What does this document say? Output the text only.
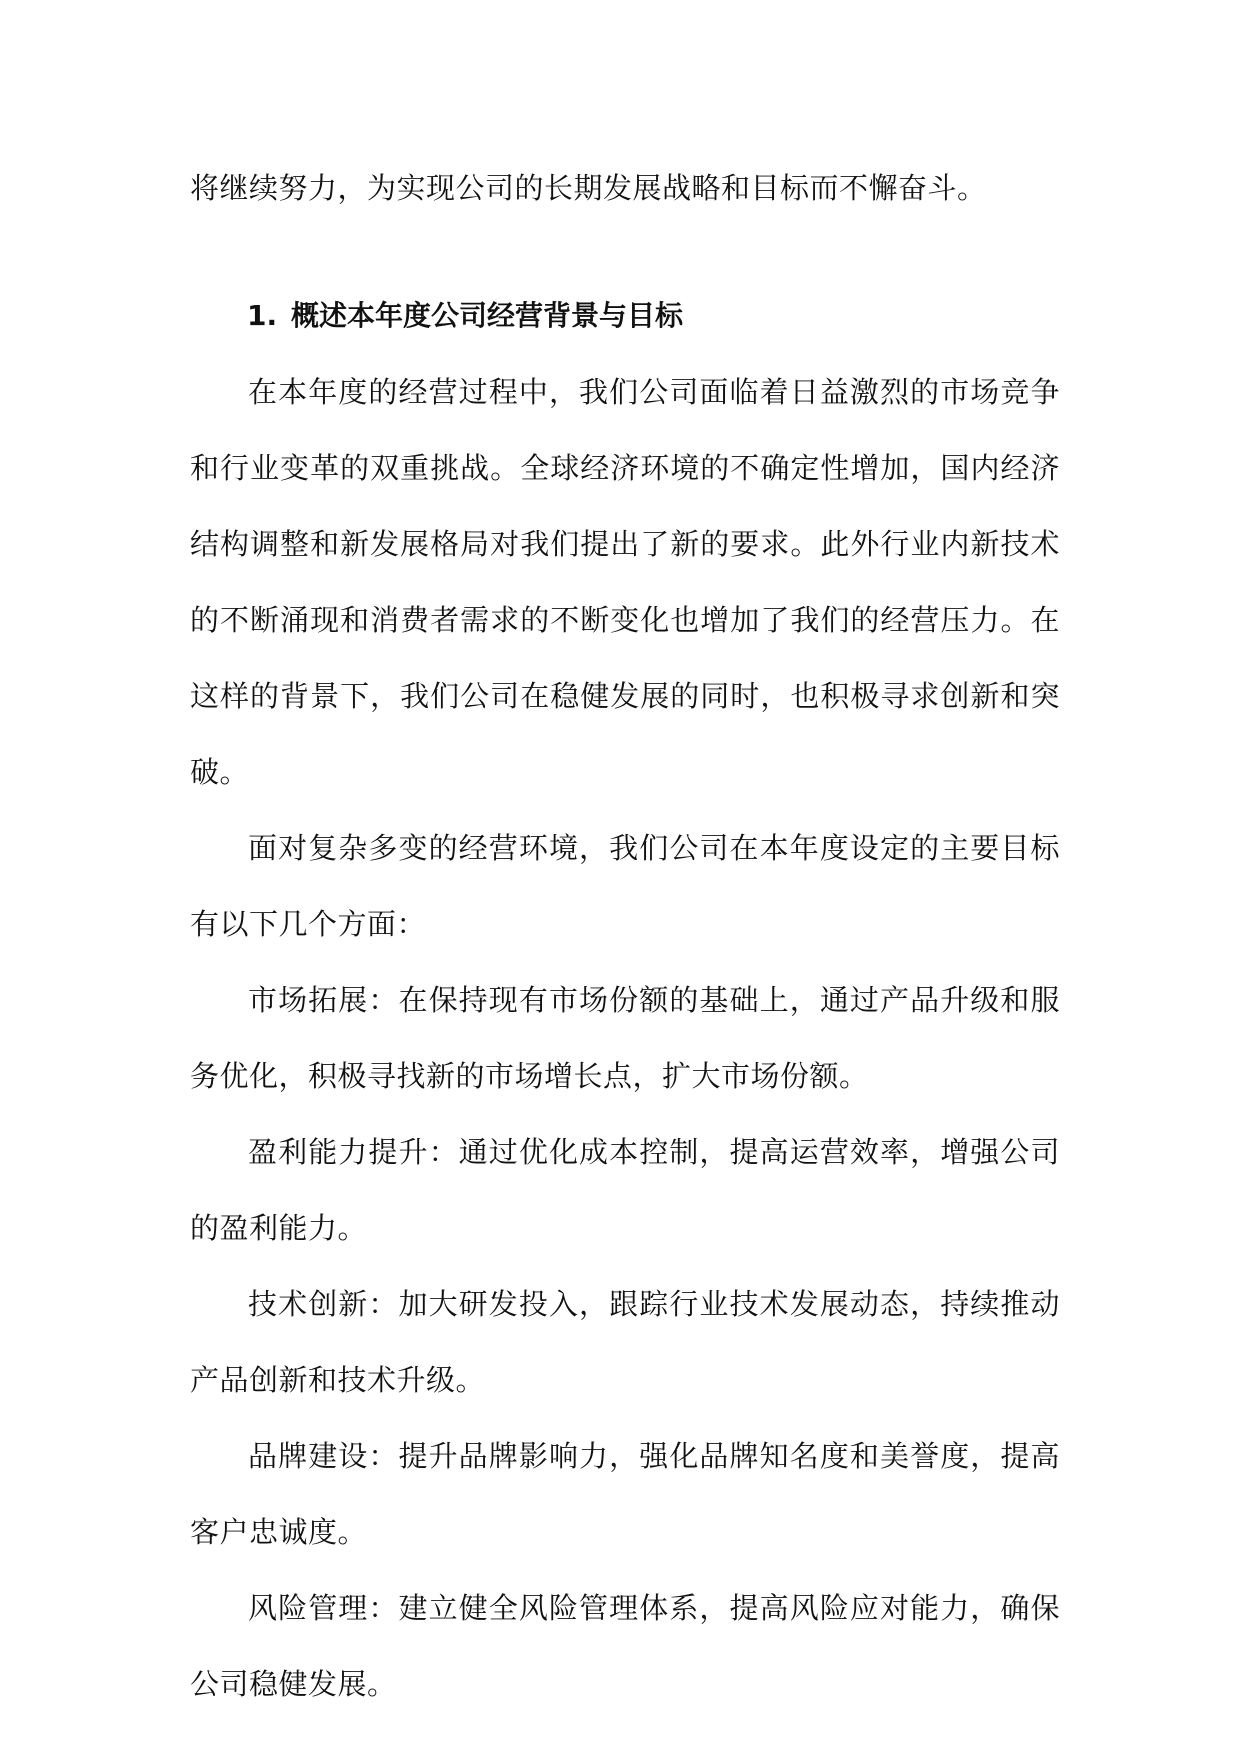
将继续努力，为实现公司的长期发展战略和目标而不懈奋斗。

1. 概述本年度公司经营背景与目标

在本年度的经营过程中，我们公司面临着日益激烈的市场竞争和行业变革的双重挑战。全球经济环境的不确定性增加，国内经济结构调整和新发展格局对我们提出了新的要求。此外行业内新技术的不断涌现和消费者需求的不断变化也增加了我们的经营压力。在这样的背景下，我们公司在稳健发展的同时，也积极寻求创新和突破。

面对复杂多变的经营环境，我们公司在本年度设定的主要目标有以下几个方面：

市场拓展：在保持现有市场份额的基础上，通过产品升级和服务优化，积极寻找新的市场增长点，扩大市场份额。

盈利能力提升：通过优化成本控制，提高运营效率，增强公司的盈利能力。

技术创新：加大研发投入，跟踪行业技术发展动态，持续推动产品创新和技术升级。

品牌建设：提升品牌影响力，强化品牌知名度和美誉度，提高客户忠诚度。

风险管理：建立健全风险管理体系，提高风险应对能力，确保公司稳健发展。
